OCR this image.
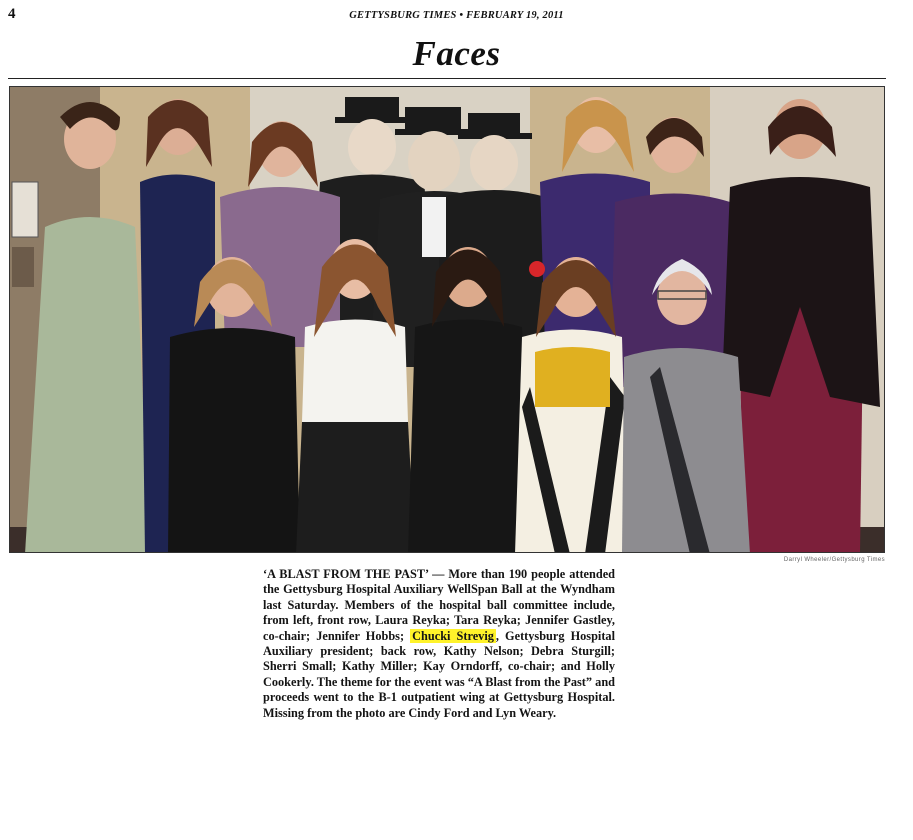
4	GETTYSBURG TIMES • FEBRUARY 19, 2011
Faces
Darryl Wheeler/Gettysburg Times
‘A BLAST FROM THE PAST’ — More than 190 people attended the Gettysburg Hospital Auxiliary WellSpan Ball at the Wyndham last Saturday. Members of the hospital ball committee include, from left, front row, Laura Reyka; Tara Reyka; Jennifer Gastley, co-chair; Jennifer Hobbs; Chucki Strevig , Gettysburg Hospital Auxiliary president; back row, Kathy Nelson; Debra Sturgill; Sherri Small; Kathy Miller; Kay Orndorff, co-chair; and Holly Cookerly. The theme for the event was “A Blast from the Past” and proceeds went to the B-1 outpatient wing at Gettysburg Hospital. Missing from the photo are Cindy Ford and Lyn Weary.
